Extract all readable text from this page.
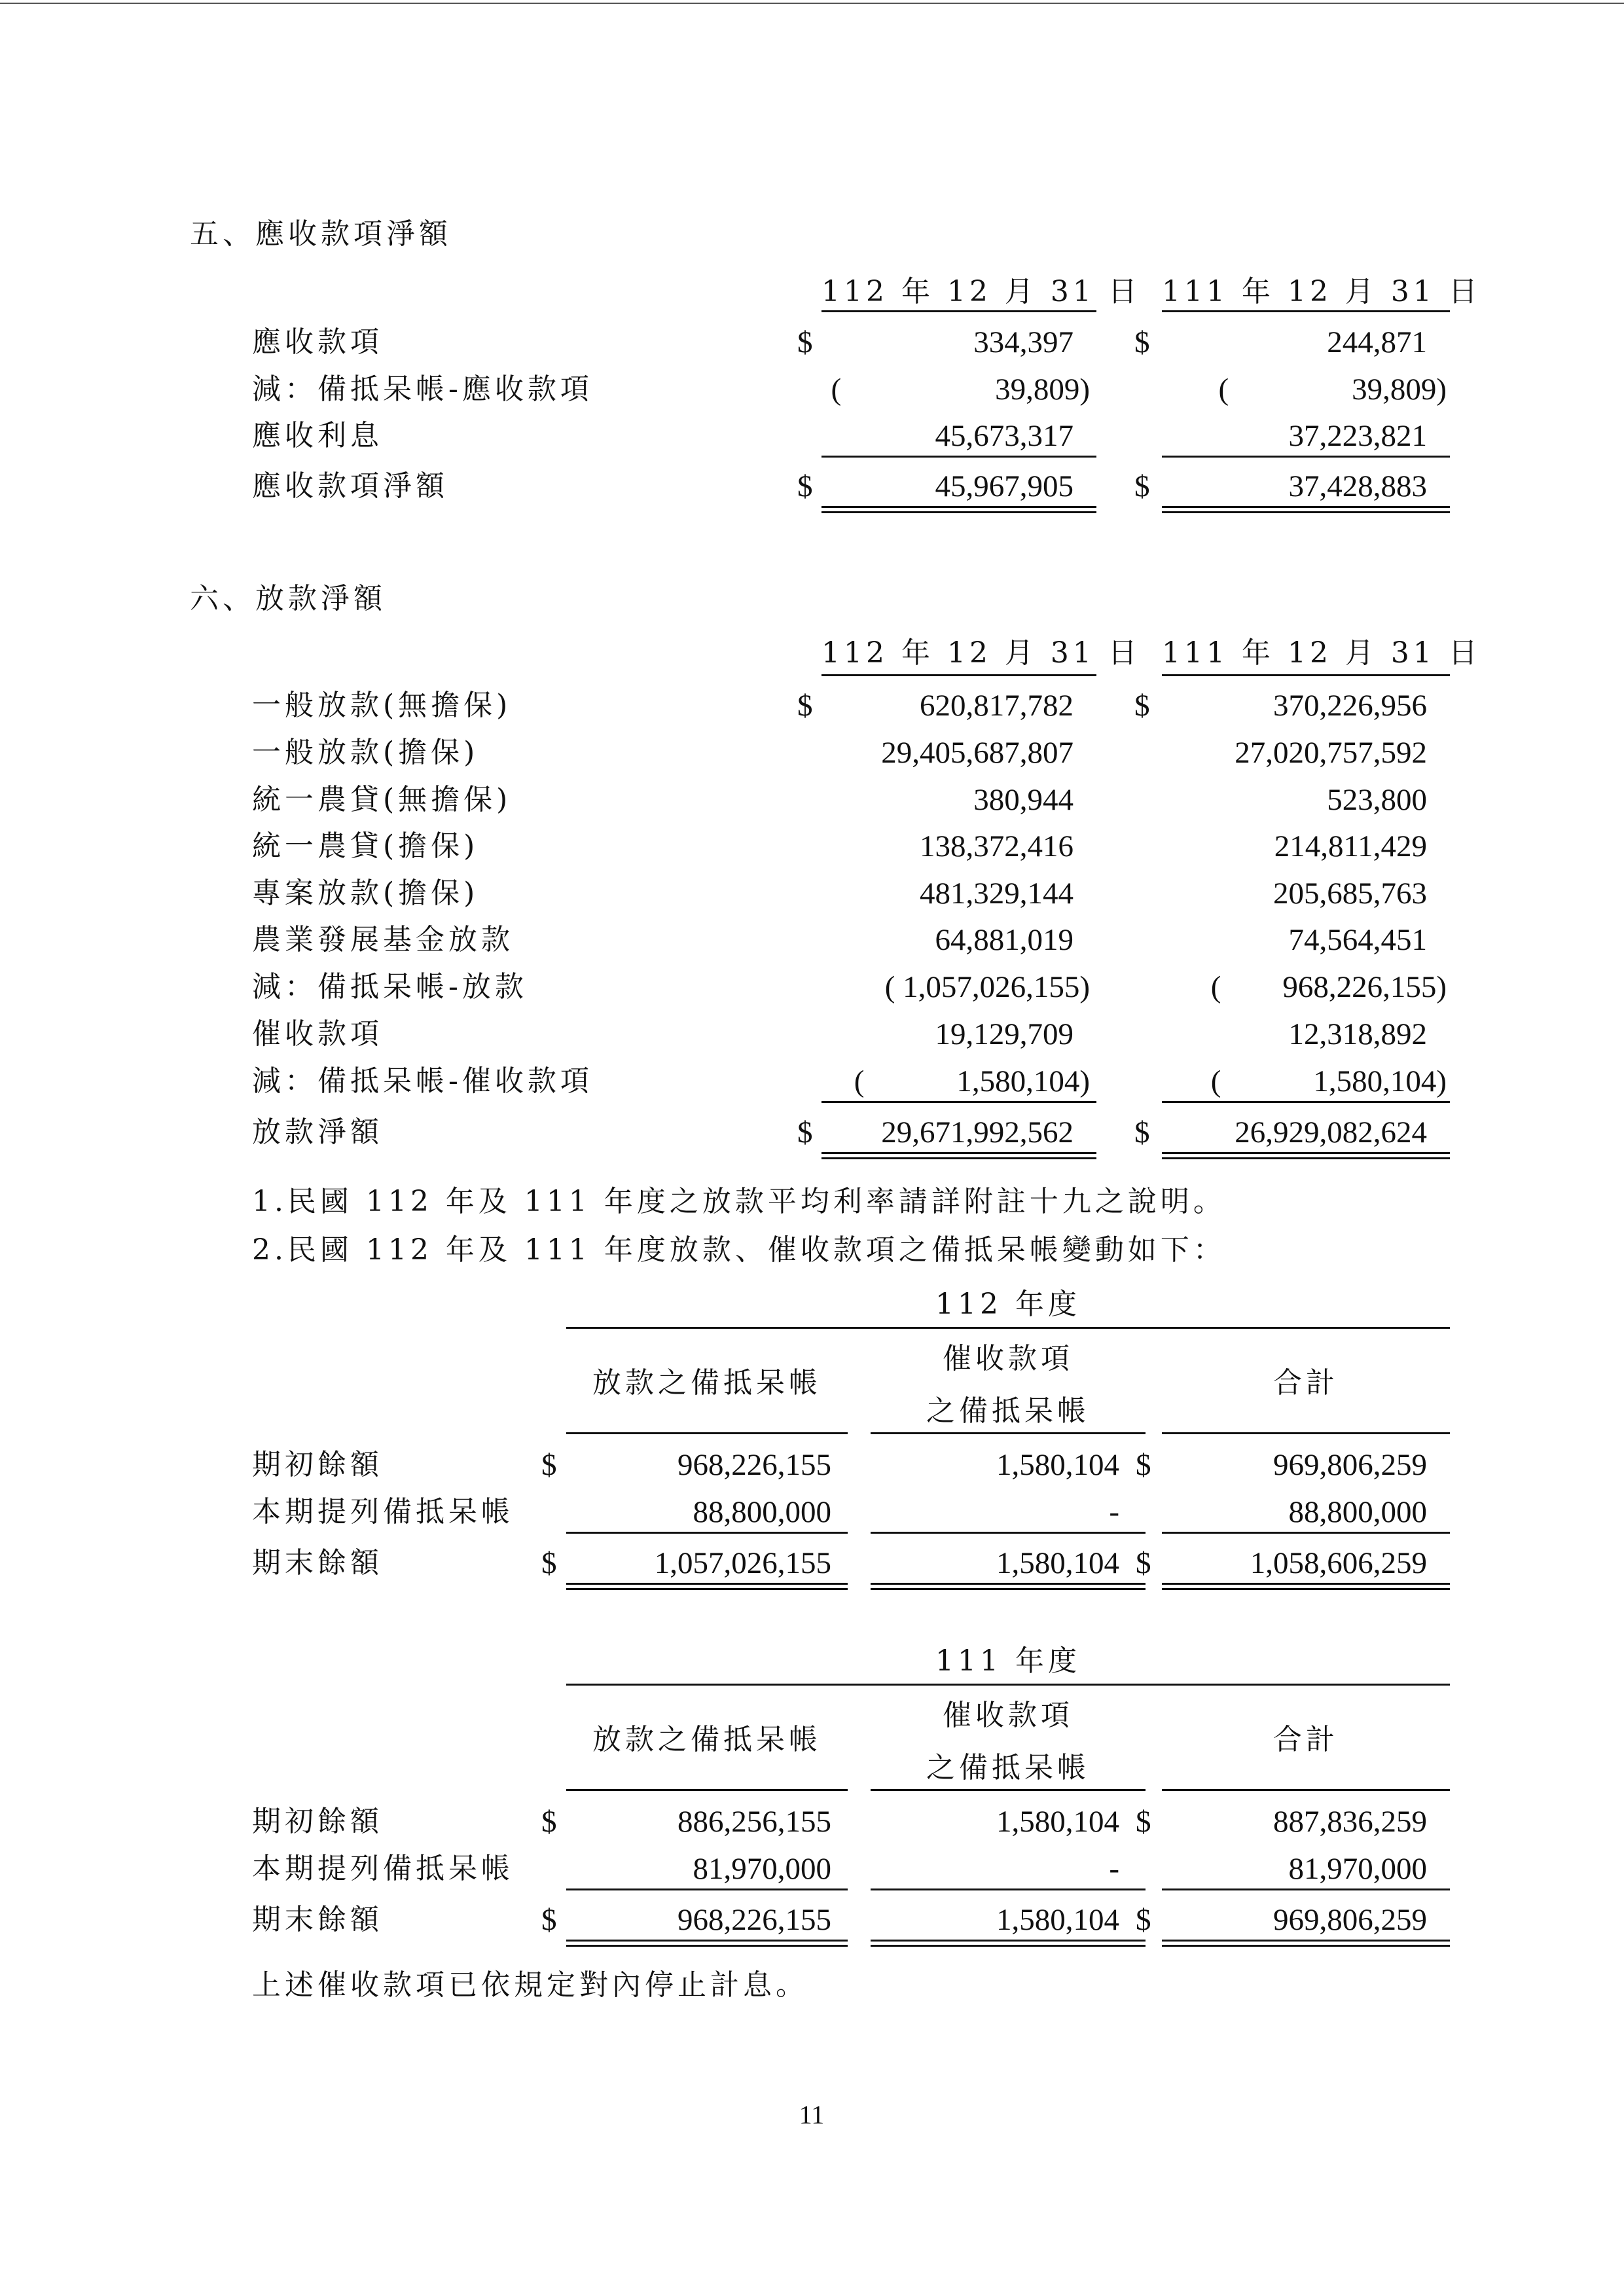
五、應收款項淨額
112 年 12 月 31 日 111 年 12 月 31 日
應收款項	$	334,397 $	244,871
減：備抵呆帳-應收款項	(　　　　　39,809)	(　　　　39,809)
應收利息	45,673,317	37,223,821
應收款項淨額	$	45,967,905 $	37,428,883
六、放款淨額
112 年 12 月 31 日 111 年 12 月 31 日
一般放款(無擔保)	$	620,817,782 $	370,226,956
一般放款(擔保)	29,405,687,807	27,020,757,592
統一農貸(無擔保)	380,944	523,800
統一農貸(擔保)	138,372,416	214,811,429
專案放款(擔保)	481,329,144	205,685,763
農業發展基金放款	64,881,019	74,564,451
減：備抵呆帳-放款	( 1,057,026,155)	(　　968,226,155)
催收款項	19,129,709	12,318,892
減：備抵呆帳-催收款項	(　　　1,580,104)	(　　　1,580,104)
放款淨額	$	29,671,992,562 $	26,929,082,624
1.民國 112 年及 111 年度之放款平均利率請詳附註十九之說明。
2.民國 112 年及 111 年度放款、催收款項之備抵呆帳變動如下：
112 年度
放款之備抵呆帳
催收款項
之備抵呆帳
合計
期初餘額	$	968,226,155	1,580,104 $	969,806,259
本期提列備抵呆帳	88,800,000	-	88,800,000
期末餘額	$	1,057,026,155	1,580,104 $	1,058,606,259
111 年度
放款之備抵呆帳
催收款項
之備抵呆帳
合計
期初餘額	$	886,256,155	1,580,104 $	887,836,259
本期提列備抵呆帳	81,970,000	-	81,970,000
期末餘額	$	968,226,155	1,580,104 $	969,806,259
上述催收款項已依規定對內停止計息。
11
